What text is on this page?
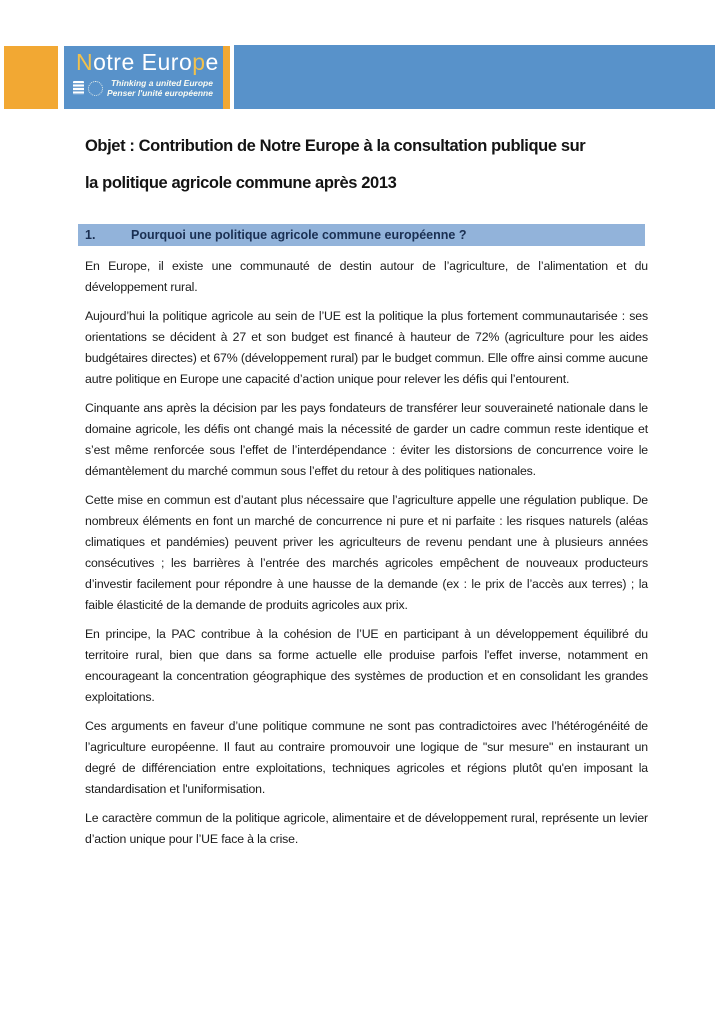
Notre Europe
Thinking a united Europe
Penser l'unité européenne
Objet : Contribution de Notre Europe à la consultation publique sur
la politique agricole commune après 2013
1.	Pourquoi une politique agricole commune européenne ?

En Europe, il existe une communauté de destin autour de l’agriculture, de l’alimentation et du développement rural.

Aujourd’hui la politique agricole au sein de l’UE est la politique la plus fortement communautarisée : ses orientations se décident à 27 et son budget est financé à hauteur de 72% (agriculture pour les aides budgétaires directes) et 67% (développement rural) par le budget commun. Elle offre ainsi comme aucune autre politique en Europe une capacité d’action unique pour relever les défis qui l’entourent.

Cinquante ans après la décision par les pays fondateurs de transférer leur souveraineté nationale dans le domaine agricole, les défis ont changé mais la nécessité de garder un cadre commun reste identique et s’est même renforcée sous l’effet de l’interdépendance : éviter les distorsions de concurrence voire le démantèlement du marché commun sous l’effet du retour à des politiques nationales.

Cette mise en commun est d’autant plus nécessaire que l’agriculture appelle une régulation publique. De nombreux éléments en font un marché de concurrence ni pure et ni parfaite : les risques naturels (aléas climatiques et pandémies) peuvent priver les agriculteurs de revenu pendant une à plusieurs années consécutives ; les barrières à l’entrée des marchés agricoles empêchent de nouveaux producteurs d’investir facilement pour répondre à une hausse de la demande (ex : le prix de l’accès aux terres) ; la faible élasticité de la demande de produits agricoles aux prix.

En principe, la PAC contribue à la cohésion de l’UE en participant à un développement équilibré du territoire rural, bien que dans sa forme actuelle elle produise parfois l'effet inverse, notamment en encourageant la concentration géographique des systèmes de production et en consolidant les grandes exploitations.

Ces arguments en faveur d’une politique commune ne sont pas contradictoires avec l’hétérogénéité de l’agriculture européenne. Il faut au contraire promouvoir une logique de "sur mesure" en instaurant un degré de différenciation entre exploitations, techniques agricoles et régions plutôt qu'en imposant la standardisation et l'uniformisation.

Le caractère commun de la politique agricole, alimentaire et de développement rural, représente un levier d’action unique pour l’UE face à la crise.
